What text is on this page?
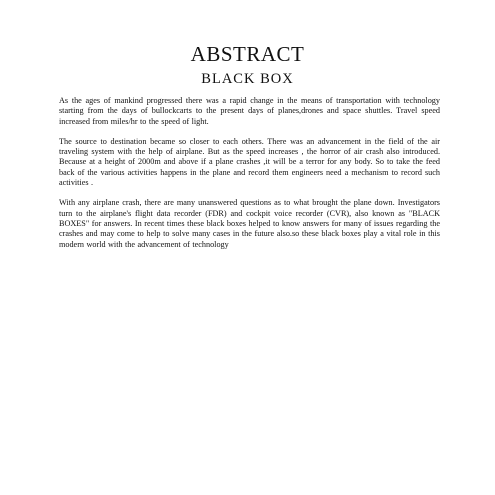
ABSTRACT
BLACK BOX

As the ages of mankind progressed there was a rapid change in the means of transportation with technology starting from the days of bullockcarts to the present days of planes,drones and space shuttles. Travel speed increased from miles/hr to the speed of light.

The source to destination became so closer to each others. There was an advancement in the field of the air traveling system with the help of airplane. But as the speed increases , the horror of air crash also introduced. Because at a height of 2000m and above if a plane crashes ,it will be a terror for any body. So to take the feed back of the various activities happens in the plane and record them engineers need a mechanism to record such activities .

With any airplane crash, there are many unanswered questions as to what brought the plane down. Investigators turn to the airplane's flight data recorder (FDR) and cockpit voice recorder (CVR), also known as "BLACK BOXES" for answers. In recent times these black boxes helped to know answers for many of issues regarding the crashes and may come to help to solve many cases in the future also.so these black boxes play a vital role in this modern world with the advancement of technology
